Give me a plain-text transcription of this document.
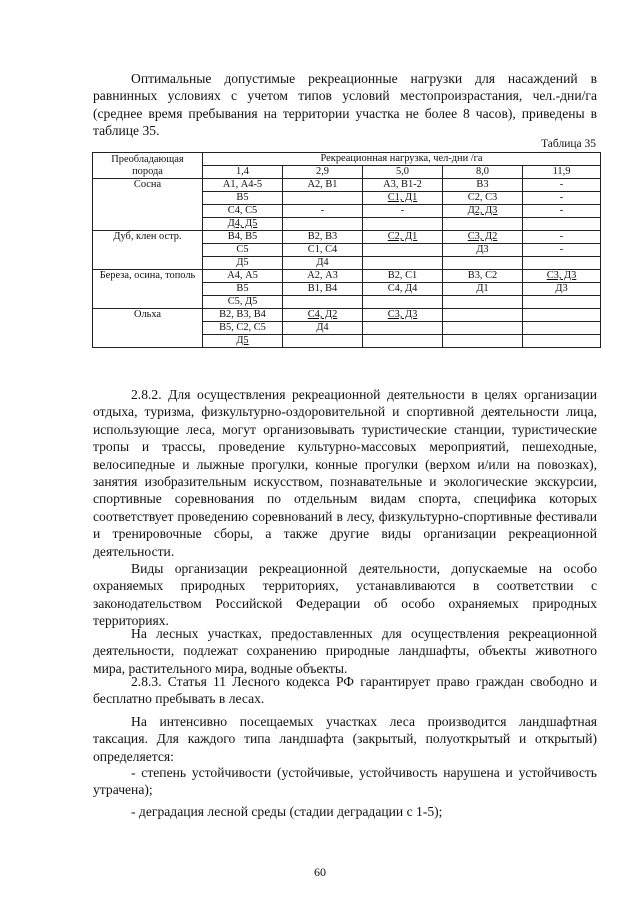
Оптимальные допустимые рекреационные нагрузки для насаждений в равнинных условиях с учетом типов условий местопроизрастания, чел.-дни/га (среднее время пребывания на территории участка не более 8 часов), приведены в таблице 35.

Таблица 35
Преобладающая порода	Рекреационная нагрузка, чел-дни /га				
	1,4	2,9	5,0	8,0	11,9
Сосна	А1, А4-5	А2, В1	А3, В1-2	В3	-
	В5		С1, Д1	С2, С3	-
	С4, С5	-	-	Д2, Д3	-
	Д4, Д5				
Дуб, клен остр.	В4, В5	В2, В3	С2, Д1	С3, Д2	-
	С5	С1, С4		Д3	-
	Д5	Д4			
Береза, осина, тополь	А4, А5	А2, А3	В2, С1	В3, С2	С3, Д3
	В5	В1, В4	С4, Д4	Д1	Д3
	С5, Д5				
Ольха	В2, В3, В4	С4, Д2	С3, Д3		
	В5, С2, С5	Д4			
	Д5				

2.8.2. Для осуществления рекреационной деятельности в целях организации отдыха, туризма, физкультурно-оздоровительной и спортивной деятельности лица, использующие леса, могут организовывать туристические станции, туристические тропы и трассы, проведение культурно-массовых мероприятий, пешеходные, велосипедные и лыжные прогулки, конные прогулки (верхом и/или на повозках), занятия изобразительным искусством, познавательные и экологические экскурсии, спортивные соревнования по отдельным видам спорта, специфика которых соответствует проведению соревнований в лесу, физкультурно-спортивные фестивали и тренировочные сборы, а также другие виды организации рекреационной деятельности.

Виды организации рекреационной деятельности, допускаемые на особо охраняемых природных территориях, устанавливаются в соответствии с законодательством Российской Федерации об особо охраняемых природных территориях.

На лесных участках, предоставленных для осуществления рекреационной деятельности, подлежат сохранению природные ландшафты, объекты животного мира, растительного мира, водные объекты.

2.8.3. Статья 11 Лесного кодекса РФ гарантирует право граждан свободно и бесплатно пребывать в лесах.

На интенсивно посещаемых участках леса производится ландшафтная таксация. Для каждого типа ландшафта (закрытый, полуоткрытый и открытый) определяется:

- степень устойчивости (устойчивые, устойчивость нарушена и устойчивость утрачена);

- деградация лесной среды (стадии деградации с 1-5);

60
